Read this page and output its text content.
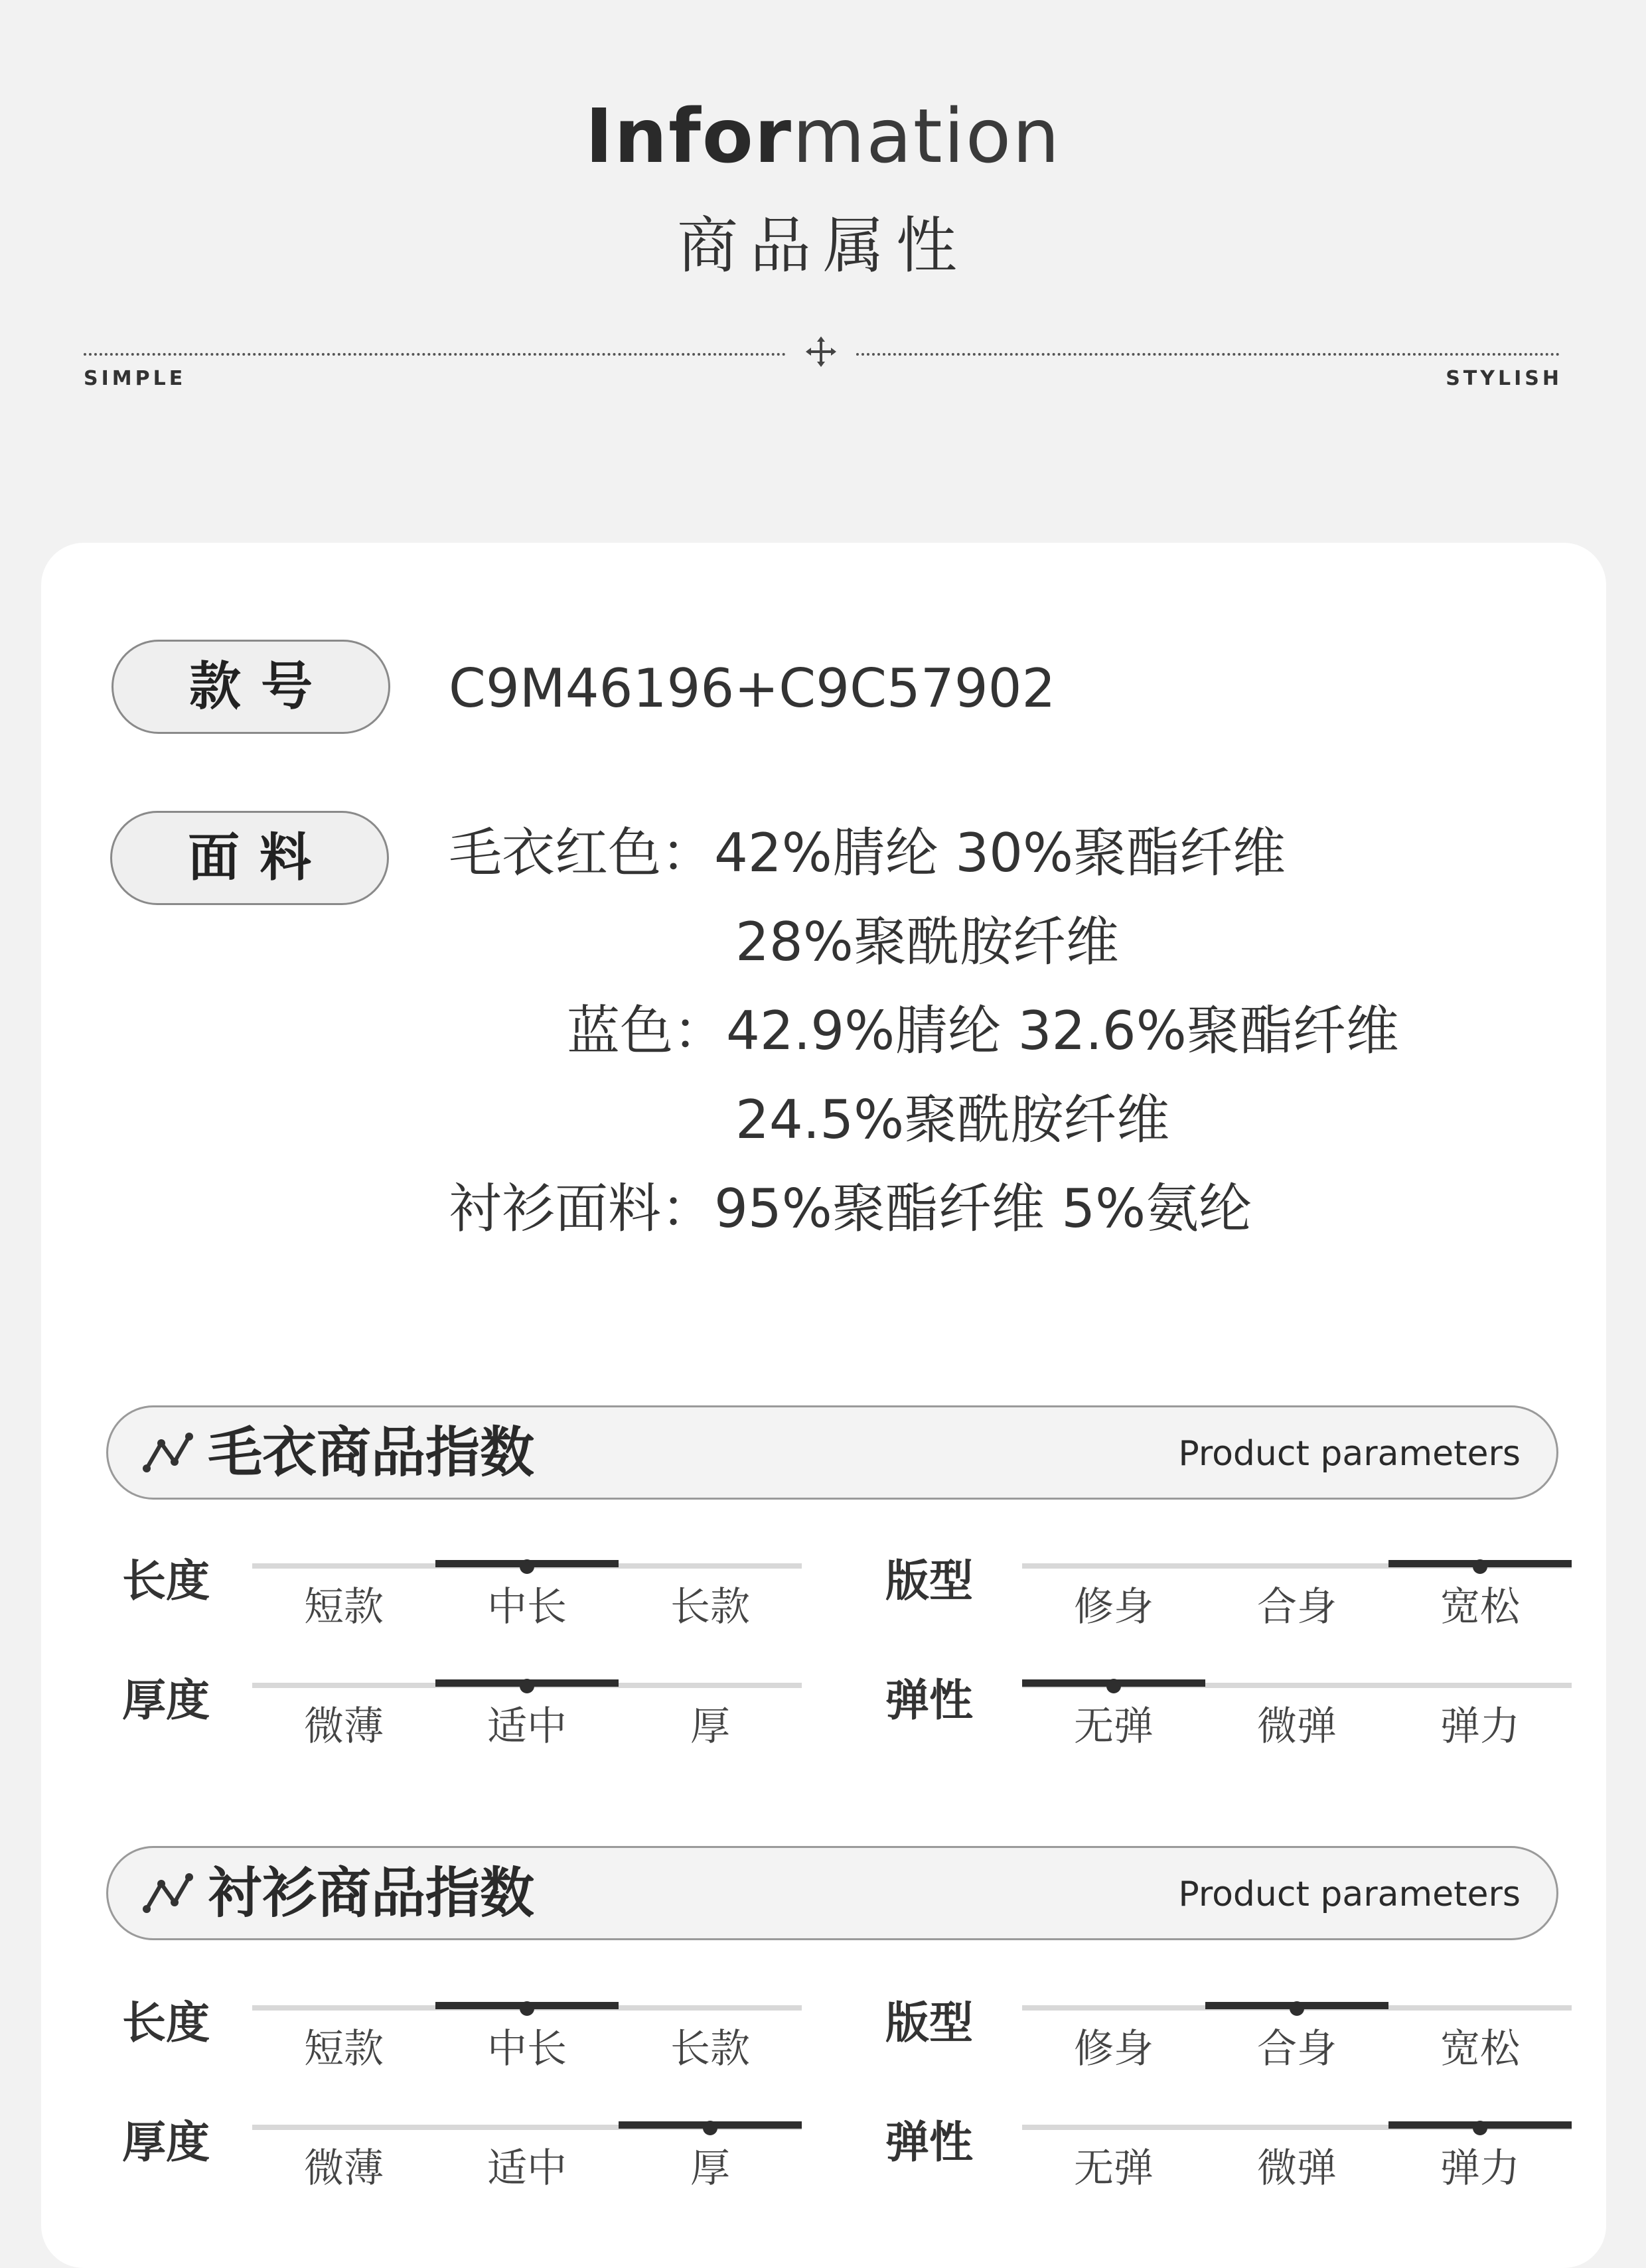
Information
商品属性
SIMPLE	STYLISH
款号	C9M46196+C9C57902
面料	毛衣红色：42%腈纶 30%聚酯纤维
28%聚酰胺纤维
蓝色：42.9%腈纶 32.6%聚酯纤维
24.5%聚酰胺纤维
衬衫面料：95%聚酯纤维 5%氨纶
毛衣商品指数	Product parameters
长度
短款	中长	长款
版型
修身	合身	宽松
厚度
微薄	适中	厚
弹性
无弹	微弹	弹力
衬衫商品指数	Product parameters
长度
短款	中长	长款
版型
修身	合身	宽松
厚度
微薄	适中	厚
弹性
无弹	微弹	弹力
